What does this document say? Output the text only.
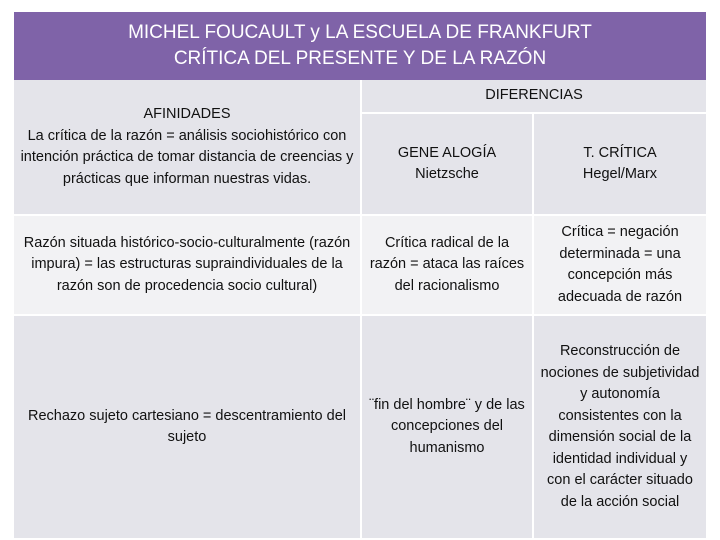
MICHEL FOUCAULT y LA ESCUELA DE FRANKFURT
CRÍTICA DEL PRESENTE Y DE LA RAZÓN
AFINIDADES
La crítica de la razón = análisis sociohistórico con intención práctica de tomar distancia de creencias y prácticas que informan nuestras vidas.
DIFERENCIAS
GENE ALOGÍA
Nietzsche
T. CRÍTICA
Hegel/Marx
Razón situada histórico-socio-culturalmente (razón impura) = las estructuras supraindividuales de la razón son de procedencia socio cultural)
Crítica radical de la razón = ataca las raíces del racionalismo
Crítica = negación determinada = una concepción más adecuada de razón
Rechazo sujeto cartesiano = descentramiento del sujeto
¨fin del hombre¨ y de las concepciones del humanismo
Reconstrucción de nociones de subjetividad y autonomía consistentes con la dimensión social de la identidad individual y con el carácter situado de la acción social
